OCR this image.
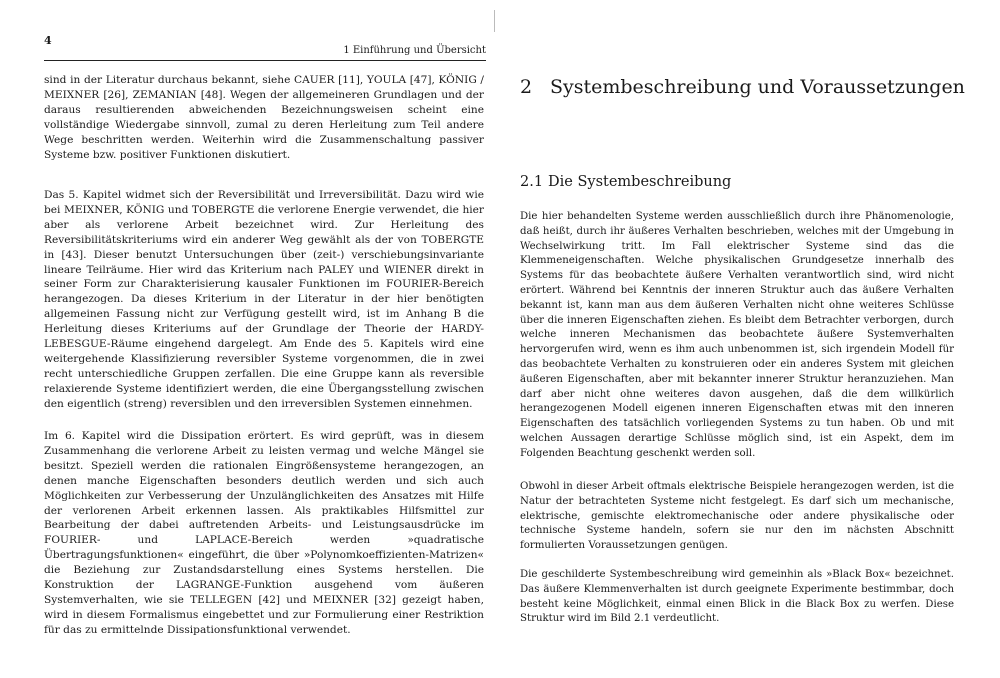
4
1 Einführung und Übersicht

sind in der Literatur durchaus bekannt, siehe CAUER [11], YOULA [47], KÖNIG / MEIXNER [26], ZEMANIAN [48]. Wegen der allgemeineren Grundlagen und der daraus resultierenden abweichenden Bezeichnungsweisen scheint eine vollständige Wiedergabe sinnvoll, zumal zu deren Herleitung zum Teil andere Wege beschritten werden. Weiterhin wird die Zusammenschaltung passiver Systeme bzw. positiver Funktionen diskutiert.

Das 5. Kapitel widmet sich der Reversibilität und Irreversibilität. Dazu wird wie bei MEIXNER, KÖNIG und TOBERGTE die verlorene Energie verwendet, die hier aber als verlorene Arbeit bezeichnet wird. Zur Herleitung des Reversibilitätskriteriums wird ein anderer Weg gewählt als der von TOBERGTE in [43]. Dieser benutzt Untersuchungen über (zeit-) verschiebungsinvariante lineare Teilräume. Hier wird das Kriterium nach PALEY und WIENER direkt in seiner Form zur Charakterisierung kausaler Funktionen im FOURIER-Bereich herangezogen. Da dieses Kriterium in der Literatur in der hier benötigten allgemeinen Fassung nicht zur Verfügung gestellt wird, ist im Anhang B die Herleitung dieses Kriteriums auf der Grundlage der Theorie der HARDY-LEBESGUE-Räume eingehend dargelegt. Am Ende des 5. Kapitels wird eine weitergehende Klassifizierung reversibler Systeme vorgenommen, die in zwei recht unterschiedliche Gruppen zerfallen. Die eine Gruppe kann als reversible relaxierende Systeme identifiziert werden, die eine Übergangsstellung zwischen den eigentlich (streng) reversiblen und den irreversiblen Systemen einnehmen.

Im 6. Kapitel wird die Dissipation erörtert. Es wird geprüft, was in diesem Zusammenhang die verlorene Arbeit zu leisten vermag und welche Mängel sie besitzt. Speziell werden die rationalen Eingrößensysteme herangezogen, an denen manche Eigenschaften besonders deutlich werden und sich auch Möglichkeiten zur Verbesserung der Unzulänglichkeiten des Ansatzes mit Hilfe der verlorenen Arbeit erkennen lassen. Als praktikables Hilfsmittel zur Bearbeitung der dabei auftretenden Arbeits- und Leistungsausdrücke im FOURIER- und LAPLACE-Bereich werden »quadratische Übertragungsfunktionen« eingeführt, die über »Polynomkoeffizienten-Matrizen« die Beziehung zur Zustandsdarstellung eines Systems herstellen. Die Konstruktion der LAGRANGE-Funktion ausgehend vom äußeren Systemverhalten, wie sie TELLEGEN [42] und MEIXNER [32] gezeigt haben, wird in diesem Formalismus eingebettet und zur Formulierung einer Restriktion für das zu ermittelnde Dissipationsfunktional verwendet.

2 Systembeschreibung und Voraussetzungen
2.1 Die Systembeschreibung

Die hier behandelten Systeme werden ausschließlich durch ihre Phänomenologie, daß heißt, durch ihr äußeres Verhalten beschrieben, welches mit der Umgebung in Wechselwirkung tritt. Im Fall elektrischer Systeme sind das die Klemmeneigenschaften. Welche physikalischen Grundgesetze innerhalb des Systems für das beobachtete äußere Verhalten verantwortlich sind, wird nicht erörtert. Während bei Kenntnis der inneren Struktur auch das äußere Verhalten bekannt ist, kann man aus dem äußeren Verhalten nicht ohne weiteres Schlüsse über die inneren Eigenschaften ziehen. Es bleibt dem Betrachter verborgen, durch welche inneren Mechanismen das beobachtete äußere Systemverhalten hervorgerufen wird, wenn es ihm auch unbenommen ist, sich irgendein Modell für das beobachtete Verhalten zu konstruieren oder ein anderes System mit gleichen äußeren Eigenschaften, aber mit bekannter innerer Struktur heranzuziehen. Man darf aber nicht ohne weiteres davon ausgehen, daß die dem willkürlich herangezogenen Modell eigenen inneren Eigenschaften etwas mit den inneren Eigenschaften des tatsächlich vorliegenden Systems zu tun haben. Ob und mit welchen Aussagen derartige Schlüsse möglich sind, ist ein Aspekt, dem im Folgenden Beachtung geschenkt werden soll.

Obwohl in dieser Arbeit oftmals elektrische Beispiele herangezogen werden, ist die Natur der betrachteten Systeme nicht festgelegt. Es darf sich um mechanische, elektrische, gemischte elektromechanische oder andere physikalische oder technische Systeme handeln, sofern sie nur den im nächsten Abschnitt formulierten Voraussetzungen genügen.

Die geschilderte Systembeschreibung wird gemeinhin als »Black Box« bezeichnet. Das äußere Klemmenverhalten ist durch geeignete Experimente bestimmbar, doch besteht keine Möglichkeit, einmal einen Blick in die Black Box zu werfen. Diese Struktur wird im Bild 2.1 verdeutlicht.
